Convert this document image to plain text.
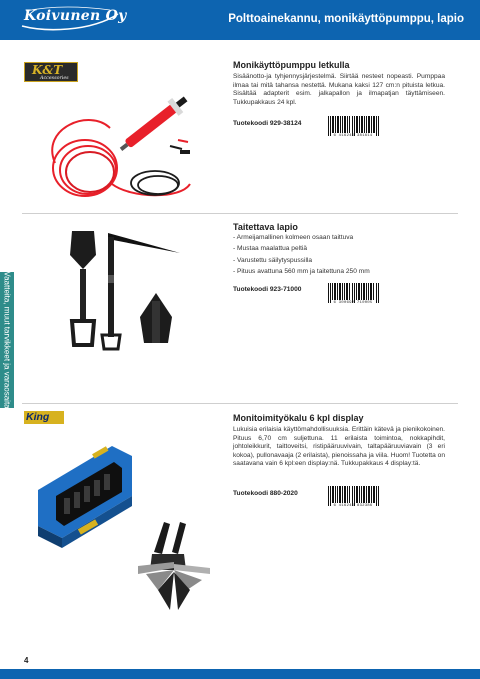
Koivunen Oy	Polttoainekannu, monikäyttöpumppu, lapio
Vaatteita, muut tarvikkeet ja varaosaita
K&T
Accessories
Monikäyttöpumppu letkulla
Sisäänotto-ja tyhjennysjärjestelmä. Siirtää nesteet nopeasti. Pumppaa ilmaa tai mitä tahansa nestettä. Mukana kaksi 127 cm:n pituista letkua. Sisältää adapterit esim. jalkapallon ja ilmapatjan täyttämiseen. Tukkupakkaus 24 kpl.
Tuotekoodi 929-38124
6 416246 381614
Taitettava lapio
- Armeijamallinen kolmeen osaan taittuva
- Mustaa maalattua peltiä
- Varustettu säilytyspussilla
- Pituus avattuna 560 mm ja taitettuna 250 mm
Tuotekoodi 923-71000
6 300692 710005
King	Monitoimityökalu 6 kpl display
Lukuisia erilaisia käyttömahdollisuuksia. Erittäin kätevä ja pienikokoinen. Pituus 6,70 cm suljettuna. 11 erilaista toimintoa, nokkapihdit, johtoleikkurit, taittoveitsi, ristipääruuvivain, taltapääruuviavain (3 eri kokoa), pullonavaaja (2 erilaista), pienoissaha ja viila. Huom! Tuotetta on saatavana vain 6 kpl:een display:nä. Tukkupakkaus 4 display:tä.
Tuotekoodi 880-2020
6 416246 832386
4
